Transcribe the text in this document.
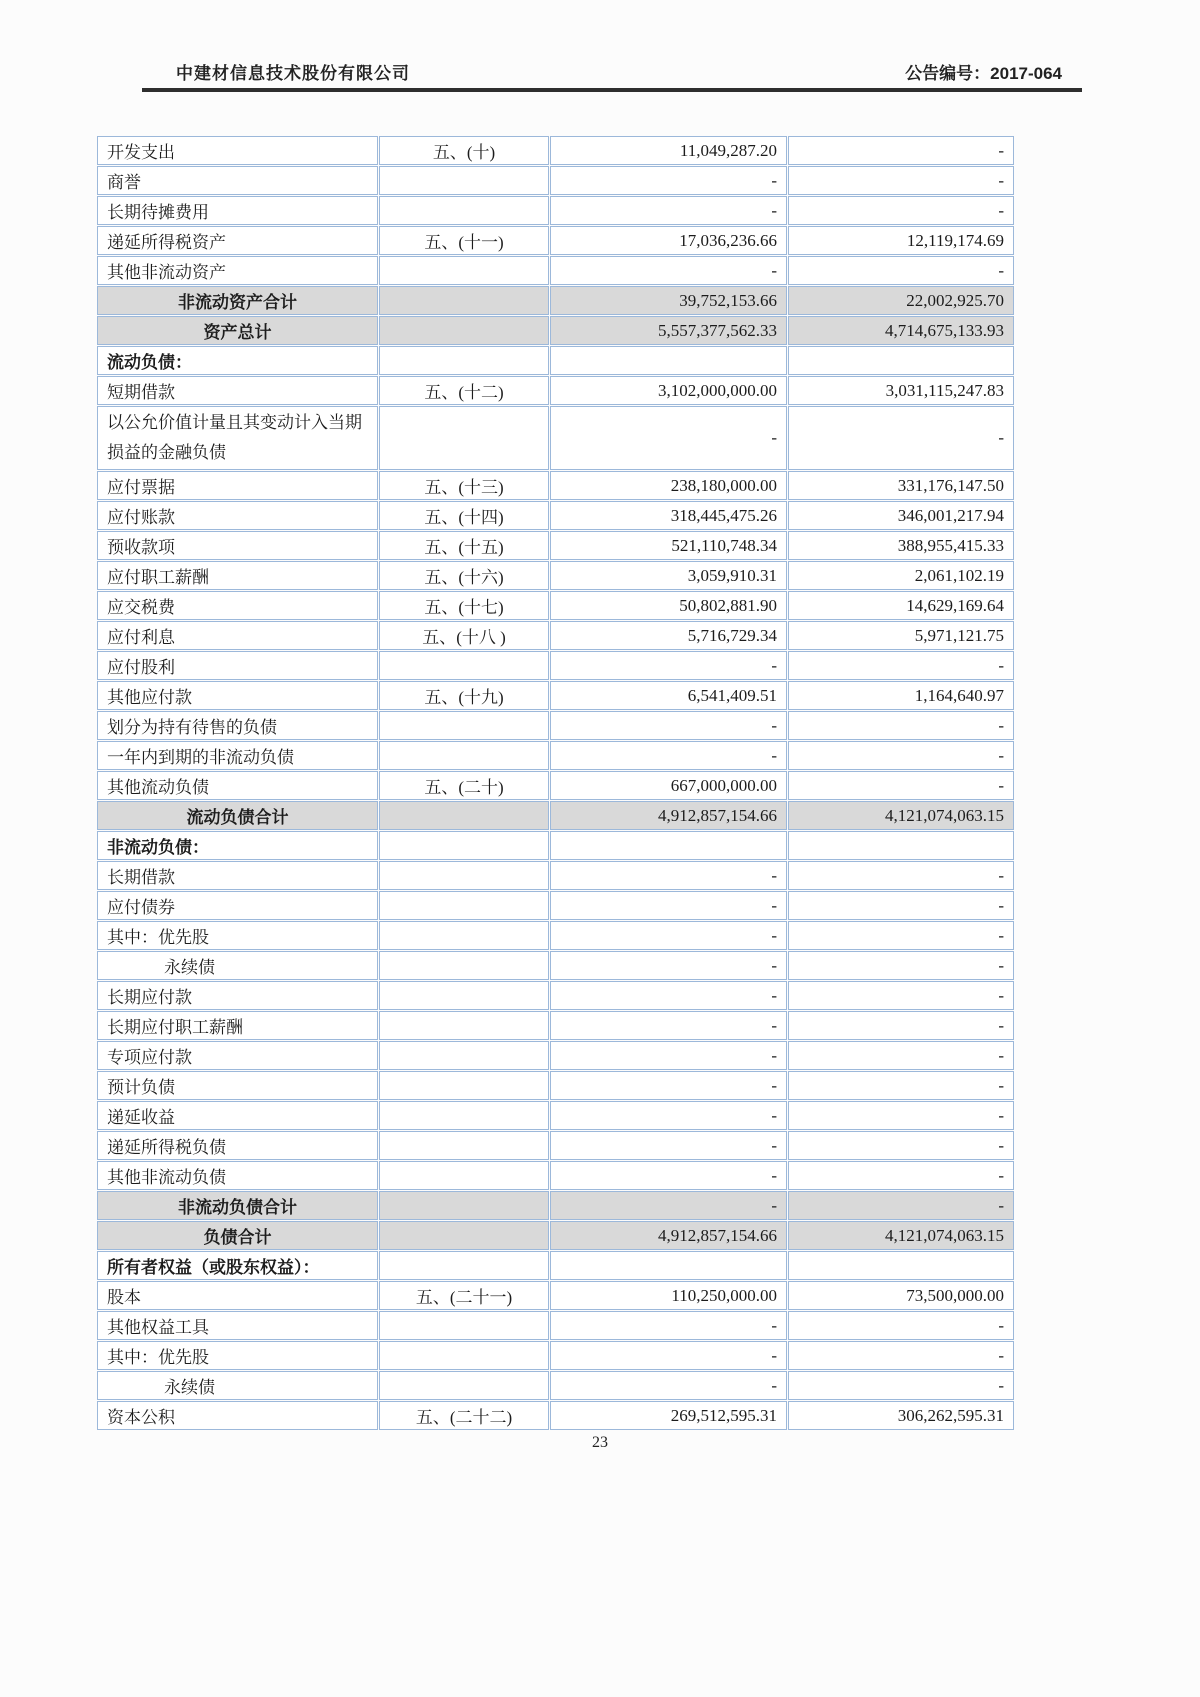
中建材信息技术股份有限公司	公告编号：2017-064
开发支出	五、(十)	11,049,287.20	-
商誉		-	-
长期待摊费用		-	-
递延所得税资产	五、(十一)	17,036,236.66	12,119,174.69
其他非流动资产		-	-
非流动资产合计		39,752,153.66	22,002,925.70
资产总计		5,557,377,562.33	4,714,675,133.93
流动负债：			
短期借款	五、(十二)	3,102,000,000.00	3,031,115,247.83
以公允价值计量且其变动计入当期损益的金融负债		-	-
应付票据	五、(十三)	238,180,000.00	331,176,147.50
应付账款	五、(十四)	318,445,475.26	346,001,217.94
预收款项	五、(十五)	521,110,748.34	388,955,415.33
应付职工薪酬	五、(十六)	3,059,910.31	2,061,102.19
应交税费	五、(十七)	50,802,881.90	14,629,169.64
应付利息	五、(十八 )	5,716,729.34	5,971,121.75
应付股利		-	-
其他应付款	五、(十九)	6,541,409.51	1,164,640.97
划分为持有待售的负债		-	-
一年内到期的非流动负债		-	-
其他流动负债	五、(二十)	667,000,000.00	-
流动负债合计		4,912,857,154.66	4,121,074,063.15
非流动负债：			
长期借款		-	-
应付债券		-	-
其中：优先股		-	-
永续债		-	-
长期应付款		-	-
长期应付职工薪酬		-	-
专项应付款		-	-
预计负债		-	-
递延收益		-	-
递延所得税负债		-	-
其他非流动负债		-	-
非流动负债合计		-	-
负债合计		4,912,857,154.66	4,121,074,063.15
所有者权益（或股东权益）：			
股本	五、(二十一)	110,250,000.00	73,500,000.00
其他权益工具		-	-
其中：优先股		-	-
永续债		-	-
资本公积	五、(二十二)	269,512,595.31	306,262,595.31
23
